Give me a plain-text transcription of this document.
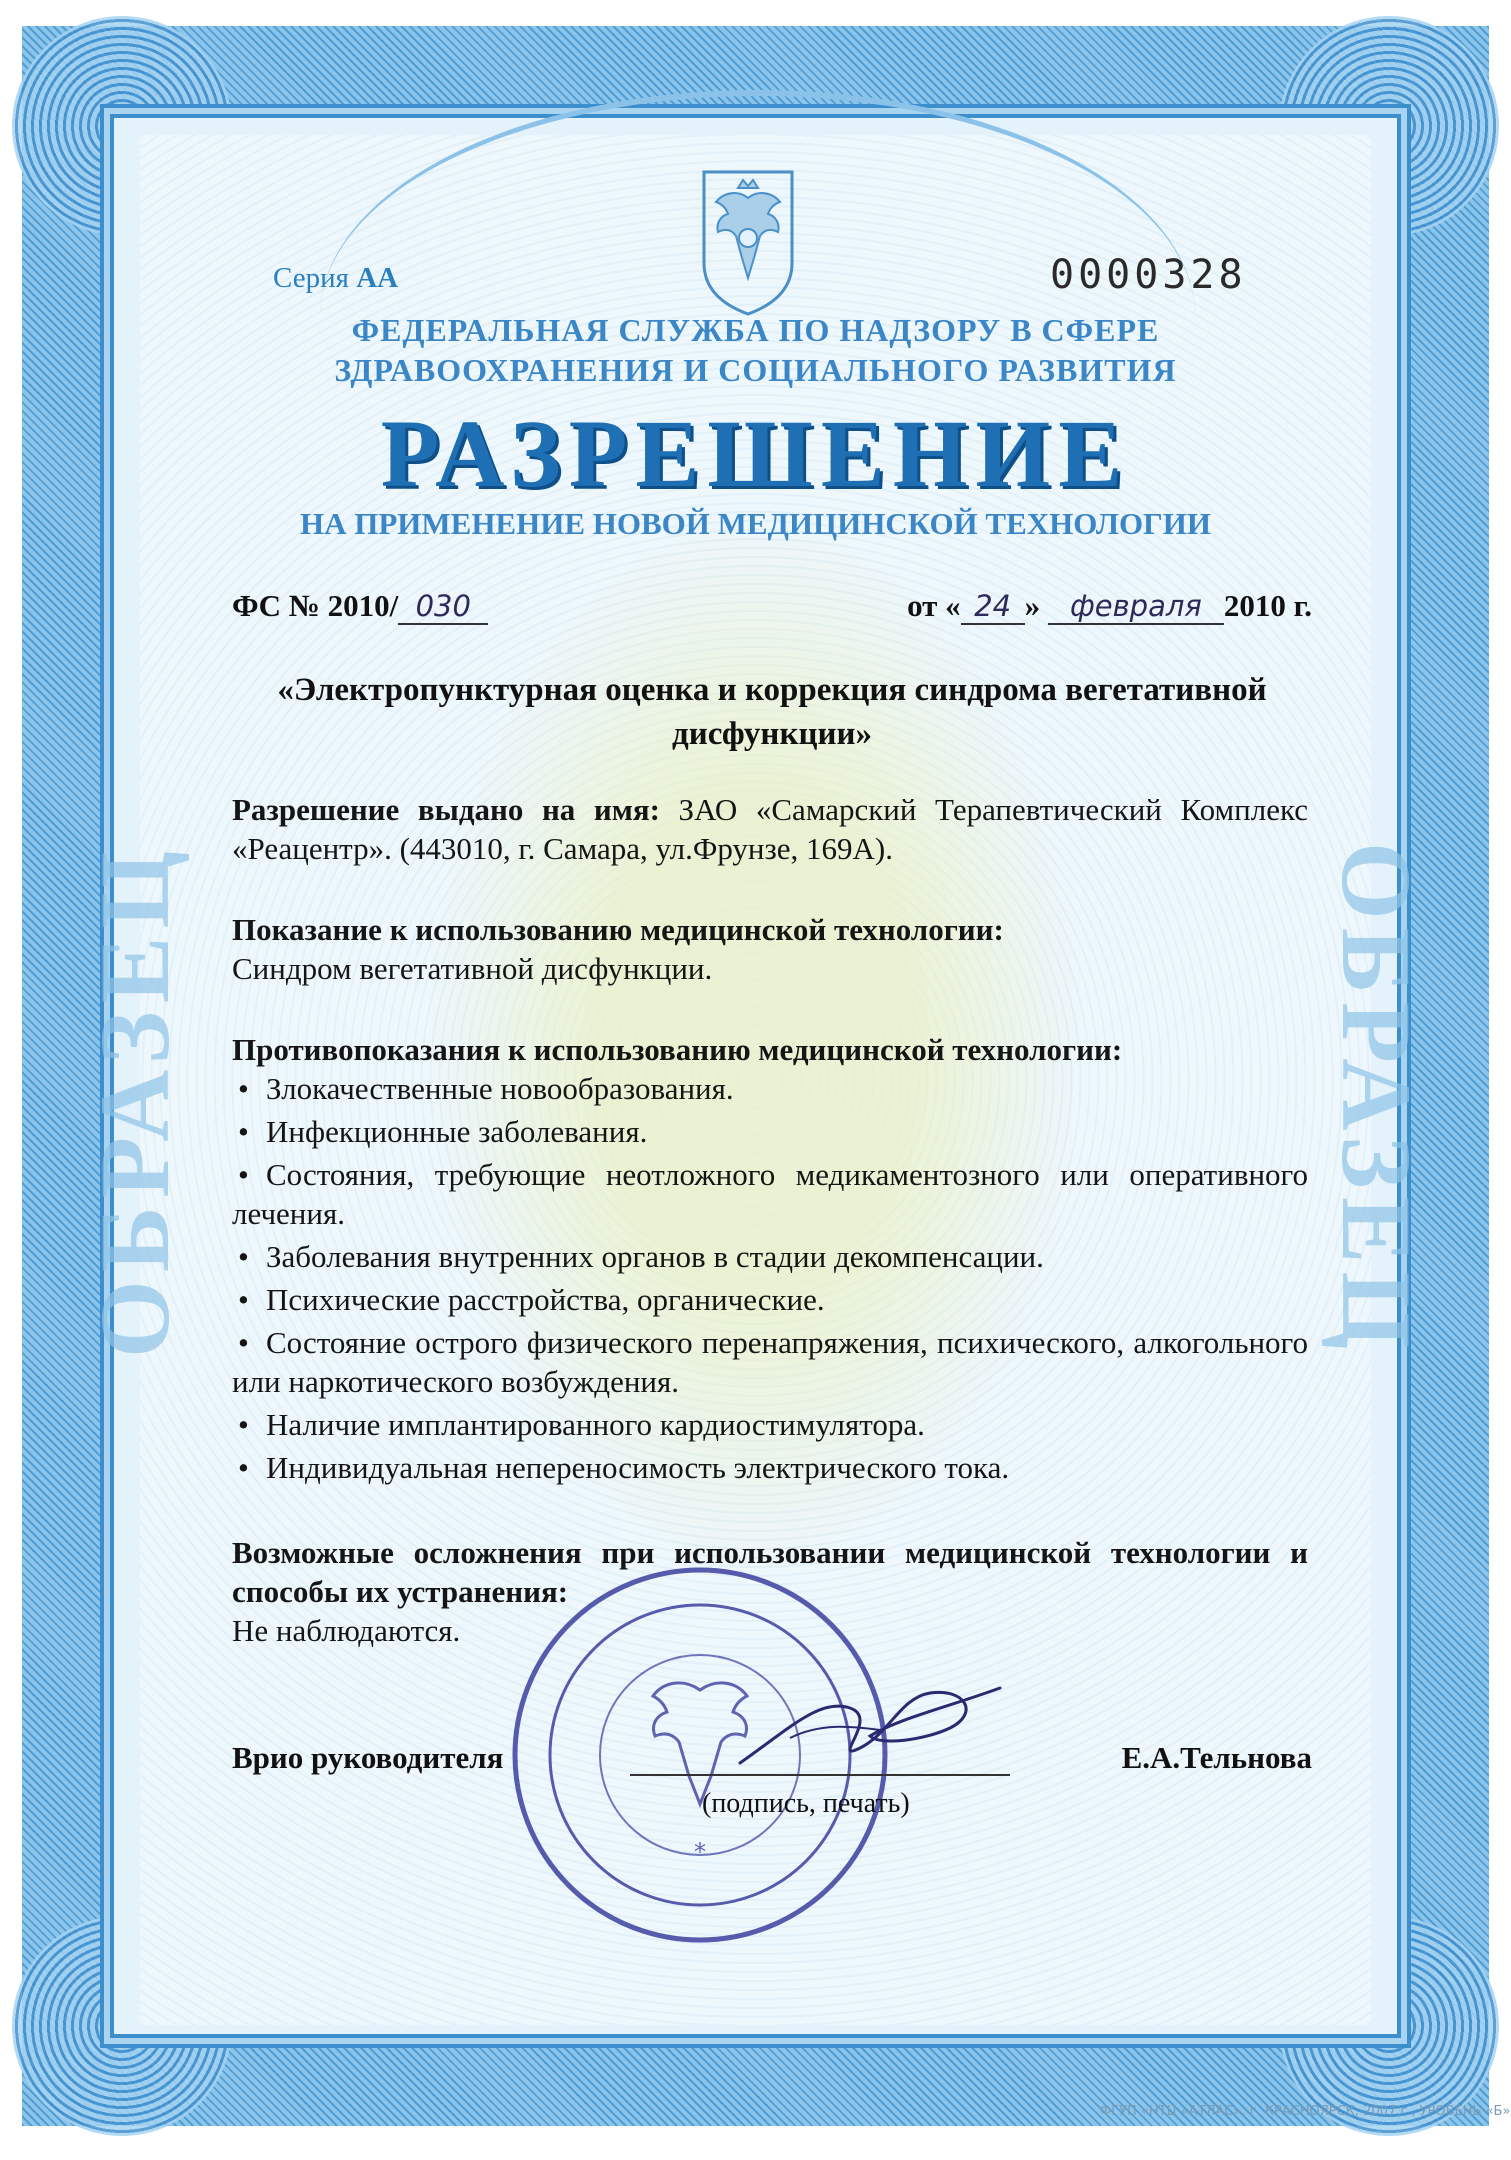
ОБРАЗЕЦ	ОБРАЗЕЦ
Серия АА	0000328
ФЕДЕРАЛЬНАЯ СЛУЖБА ПО НАДЗОРУ В СФЕРЕ
ЗДРАВООХРАНЕНИЯ И СОЦИАЛЬНОГО РАЗВИТИЯ
РАЗРЕШЕНИЕ
НА ПРИМЕНЕНИЕ НОВОЙ МЕДИЦИНСКОЙ ТЕХНОЛОГИИ
ФС № 2010/ 030	от « 24 » февраля 2010 г.
«Электропунктурная оценка и коррекция синдрома вегетативной дисфункции»

Разрешение выдано на имя: ЗАО «Самарский Терапевтический Комплекс «Реацентр». (443010, г. Самара, ул.Фрунзе, 169А).

Показание к использованию медицинской технологии:

Синдром вегетативной дисфункции.

Противопоказания к использованию медицинской технологии:

• Злокачественные новообразования.
• Инфекционные заболевания.
• Состояния, требующие неотложного медикаментозного или оперативного лечения.
• Заболевания внутренних органов в стадии декомпенсации.
• Психические расстройства, органические.
• Состояние острого физического перенапряжения, психического, алкогольного или наркотического возбуждения.
• Наличие имплантированного кардиостимулятора.
• Индивидуальная непереносимость электрического тока.

Возможные осложнения при использовании медицинской технологии и способы их устранения:

Не наблюдаются.

*
Врио руководителя
(подпись, печать)
Е.А.Тельнова
ФГУП «НТЦ «АТЛАС», г. КРАСНОЯРСК, 2007 г., УРОВЕНЬ «Б»
